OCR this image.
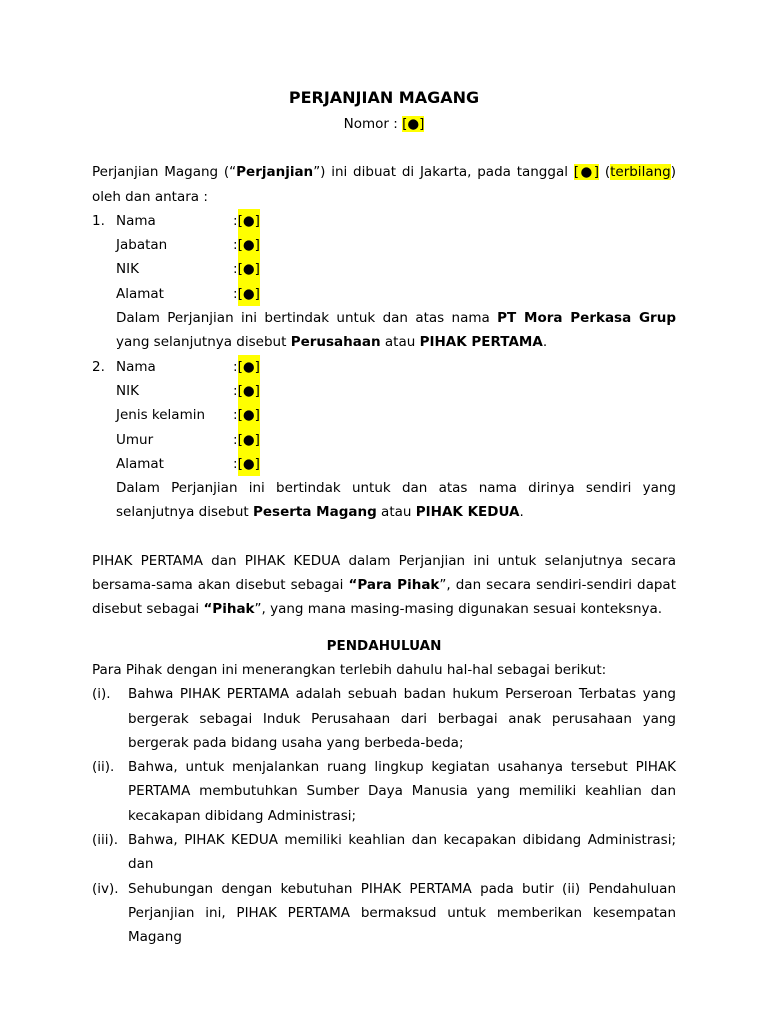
PERJANJIAN MAGANG
Nomor : [●]
Perjanjian Magang (“Perjanjian”) ini dibuat di Jakarta, pada tanggal [●] (terbilang) oleh dan antara :
1. Nama	: [●]
Jabatan	: [●]
NIK	: [●]
Alamat	: [●]
Dalam Perjanjian ini bertindak untuk dan atas nama PT Mora Perkasa Grup yang selanjutnya disebut Perusahaan atau PIHAK PERTAMA.
2. Nama	: [●]
NIK	: [●]
Jenis kelamin	: [●]
Umur	: [●]
Alamat	: [●]
Dalam Perjanjian ini bertindak untuk dan atas nama dirinya sendiri yang selanjutnya disebut Peserta Magang atau PIHAK KEDUA.
PIHAK PERTAMA dan PIHAK KEDUA dalam Perjanjian ini untuk selanjutnya secara bersama-sama akan disebut sebagai “Para Pihak”, dan secara sendiri-sendiri dapat disebut sebagai “Pihak”, yang mana masing-masing digunakan sesuai konteksnya.
PENDAHULUAN
Para Pihak dengan ini menerangkan terlebih dahulu hal-hal sebagai berikut:
(i).	Bahwa PIHAK PERTAMA adalah sebuah badan hukum Perseroan Terbatas yang bergerak sebagai Induk Perusahaan dari berbagai anak perusahaan yang bergerak pada bidang usaha yang berbeda-beda;
(ii).	Bahwa, untuk menjalankan ruang lingkup kegiatan usahanya tersebut PIHAK PERTAMA membutuhkan Sumber Daya Manusia yang memiliki keahlian dan kecakapan dibidang Administrasi;
(iii). Bahwa, PIHAK KEDUA memiliki keahlian dan kecapakan dibidang Administrasi; dan
(iv). Sehubungan dengan kebutuhan PIHAK PERTAMA pada butir (ii) Pendahuluan Perjanjian ini, PIHAK PERTAMA bermaksud untuk memberikan kesempatan Magang
